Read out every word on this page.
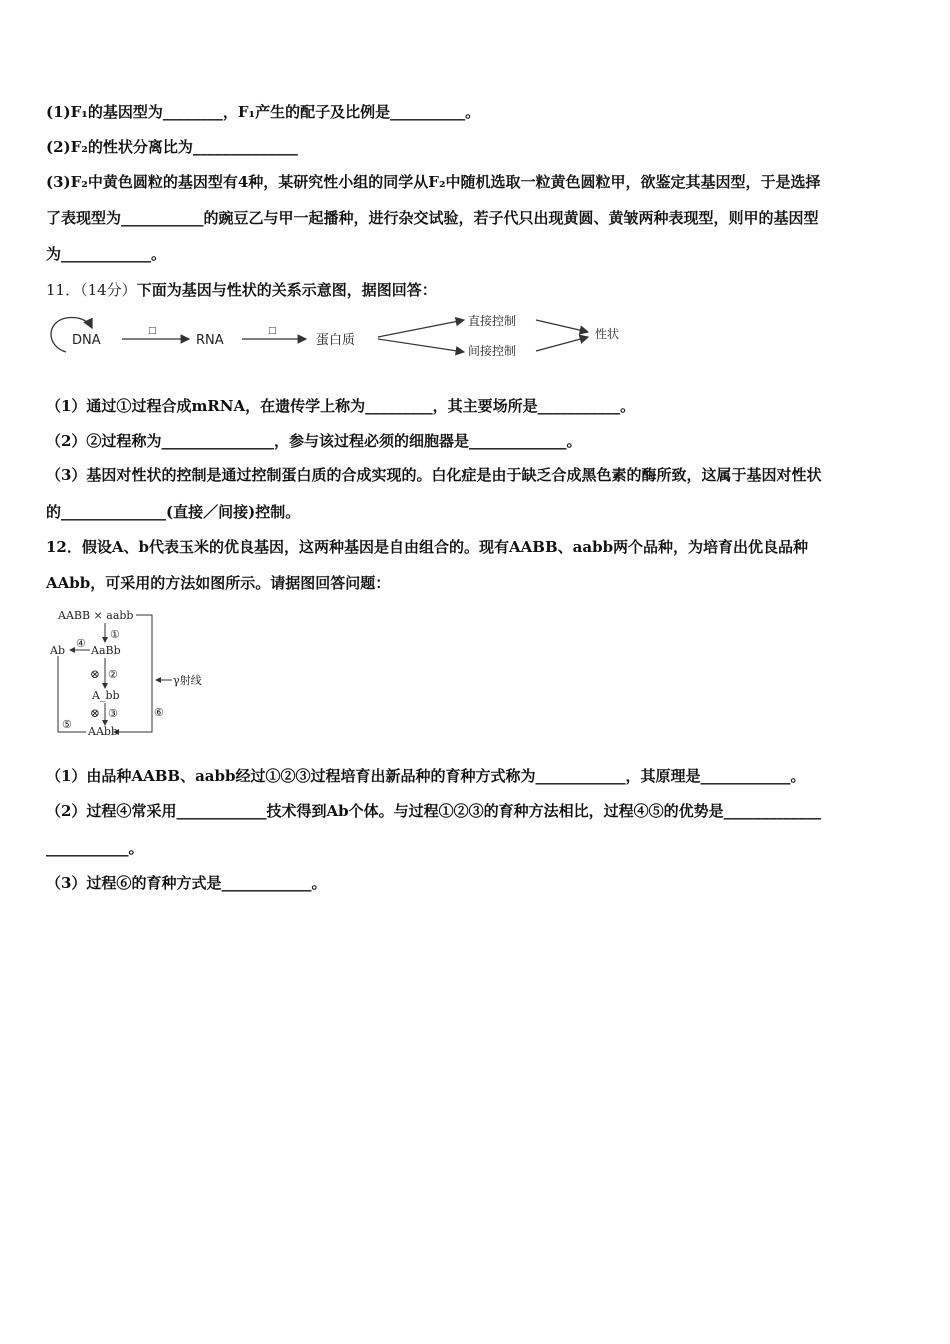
(1)F₁的基因型为________，F₁产生的配子及比例是__________。
(2)F₂的性状分离比为______________
(3)F₂中黄色圆粒的基因型有4种，某研究性小组的同学从F₂中随机选取一粒黄色圆粒甲，欲鉴定其基因型，于是选择
了表现型为___________的豌豆乙与甲一起播种，进行杂交试验，若子代只出现黄圆、黄皱两种表现型，则甲的基因型
为____________。
11．（14分）下面为基因与性状的关系示意图，据图回答：
DNA
□
RNA
□
蛋白质
直接控制
间接控制
性状
（1）通过①过程合成mRNA，在遗传学上称为_________，其主要场所是___________。
（2）②过程称为_______________，参与该过程必须的细胞器是_____________。
（3）基因对性状的控制是通过控制蛋白质的合成实现的。白化症是由于缺乏合成黑色素的酶所致，这属于基因对性状
的______________(直接／间接)控制。
12．假设A、b代表玉米的优良基因，这两种基因是自由组合的。现有AABB、aabb两个品种，为培育出优良品种
AAbb，可采用的方法如图所示。请据图回答问题：
AABB × aabb
①
④
AaBb
Ab
⊗ ②
A_bb
γ射线
⊗ ③
⑤
⑥
AAbb
（1）由品种AABB、aabb经过①②③过程培育出新品种的育种方式称为____________，其原理是____________。
（2）过程④常采用____________技术得到Ab个体。与过程①②③的育种方法相比，过程④⑤的优势是_____________
___________。
（3）过程⑥的育种方式是____________。
